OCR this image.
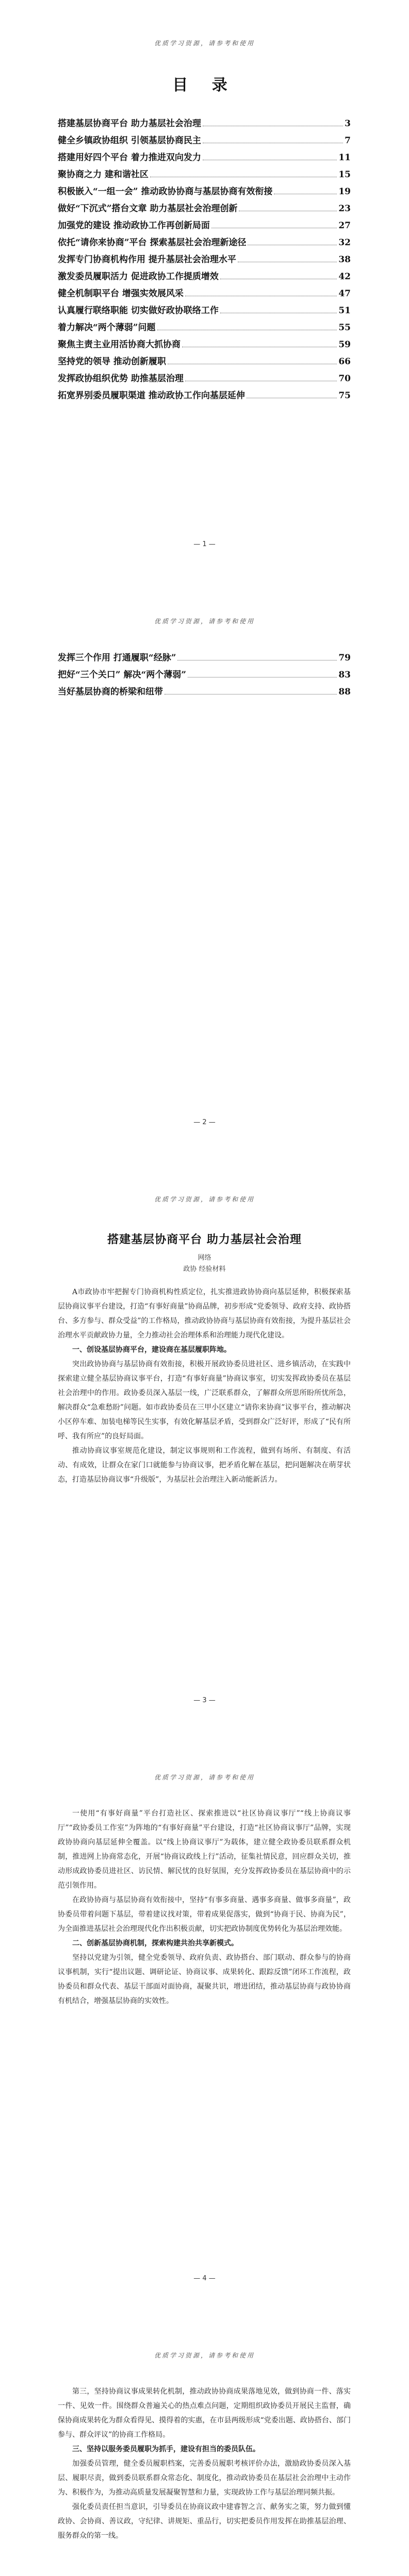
优质学习资源，请参考和使用
目 录
搭建基层协商平台 助力基层社会治理	3
健全乡镇政协组织 引领基层协商民主	7
搭建用好四个平台 着力推进双向发力	11
聚协商之力 建和谐社区	15
积极嵌入“一组一会” 推动政协协商与基层协商有效衔接	19
做好“下沉式”搭台文章 助力基层社会治理创新	23
加强党的建设 推动政协工作再创新局面	27
依托“请你来协商”平台 探索基层社会治理新途径	32
发挥专门协商机构作用 提升基层社会治理水平	38
激发委员履职活力 促进政协工作提质增效	42
健全机制职平台 增强实效展风采	47
认真履行联络职能 切实做好政协联络工作	51
着力解决“两个薄弱”问题	55
聚焦主责主业用活协商大抓协商	59
坚持党的领导 推动创新履职	66
发挥政协组织优势 助推基层治理	70
拓宽界别委员履职渠道 推动政协工作向基层延伸	75
— 1 —
优质学习资源，请参考和使用
发挥三个作用 打通履职“经脉”	79
把好“三个关口” 解决“两个薄弱”	83
当好基层协商的桥梁和纽带	88
— 2 —
优质学习资源，请参考和使用
搭建基层协商平台 助力基层社会治理
网络
政协 经验材料

A市政协市牢把握专门协商机构性质定位，扎实推进政协协商向基层延伸，积极探索基层协商议事平台建设，打造“有事好商量”协商品牌，初步形成“党委领导、政府支持、政协搭台、多方参与、群众受益”的工作格局，推动政协协商与基层协商有效衔接，为提升基层社会治理水平贡献政协力量，全力推动社会治理体系和治理能力现代化建设。

一、创设基层协商平台，建设商在基层履职阵地。

突出政协协商与基层协商有效衔接，积极开展政协委员进社区、进乡镇活动，在实践中探索建立健全基层协商议事平台，打造“有事好商量”协商议事室，切实发挥政协委员在基层社会治理中的作用。政协委员深入基层一线，广泛联系群众，了解群众所思所盼所忧所急，解决群众“急难愁盼”问题。如市政协委员在三甲小区建立“请你来协商”议事平台，推动解决小区停车难、加装电梯等民生实事，有效化解基层矛盾，受到群众广泛好评，形成了“民有所呼、我有所应”的良好局面。

推动协商议事室规范化建设，制定议事规则和工作流程，做到有场所、有制度、有活动、有成效，让群众在家门口就能参与协商议事，把矛盾化解在基层，把问题解决在萌芽状态，打造基层协商议事“升级版”，为基层社会治理注入新动能新活力。

— 3 —
优质学习资源，请参考和使用

一使用“有事好商量”平台打造社区、探索推进以“社区协商议事厅”“线上协商议事厅”“政协委员工作室”为阵地的“有事好商量”平台建设，打造“社区协商议事厅”品牌，实现政协协商向基层延伸全覆盖。以“线上协商议事厅”为载体，建立健全政协委员联系群众机制，推进网上协商常态化，开展“协商议政线上行”活动，征集社情民意，回应群众关切，推动形成政协委员进社区、访民情、解民忧的良好氛围，充分发挥政协委员在基层协商中的示范引领作用。

在政协协商与基层协商有效衔接中，坚持“有事多商量、遇事多商量、做事多商量”，政协委员带着问题下基层，带着建议找对策，带着成果促落实，做到“协商于民、协商为民”，为全面推进基层社会治理现代化作出积极贡献，切实把政协制度优势转化为基层治理效能。

二、创新基层协商机制，探索构建共治共享新模式。

坚持以党建为引领，健全党委领导、政府负责、政协搭台、部门联动、群众参与的协商议事机制，实行“提出议题、调研论证、协商议事、成果转化、跟踪反馈”闭环工作流程，政协委员和群众代表、基层干部面对面协商，凝聚共识，增进团结，推动基层协商与政协协商有机结合，增强基层协商的实效性。

— 4 —
优质学习资源，请参考和使用

第三，坚持协商议事成果转化机制，推动政协协商成果落地见效，做到协商一件、落实一件、见效一件。围绕群众普遍关心的热点难点问题，定期组织政协委员开展民主监督，确保协商成果转化为群众看得见、摸得着的实惠，在市县两级形成“党委出题、政协搭台、部门参与、群众评议”的协商工作格局。

三、坚持以服务委员履职为抓手，建设有担当的委员队伍。

加强委员管理，健全委员履职档案，完善委员履职考核评价办法，激励政协委员深入基层、履职尽责，做到委员联系群众常态化、制度化，推动政协委员在基层社会治理中主动作为、积极作为，为推动高质量发展凝聚智慧和力量，实现政协工作与基层治理同频共振。

强化委员责任担当意识，引导委员在协商议政中建睿智之言、献务实之策，努力做到懂政协、会协商、善议政，守纪律、讲规矩、重品行，切实把委员作用发挥在助推基层治理、服务群众的第一线。
